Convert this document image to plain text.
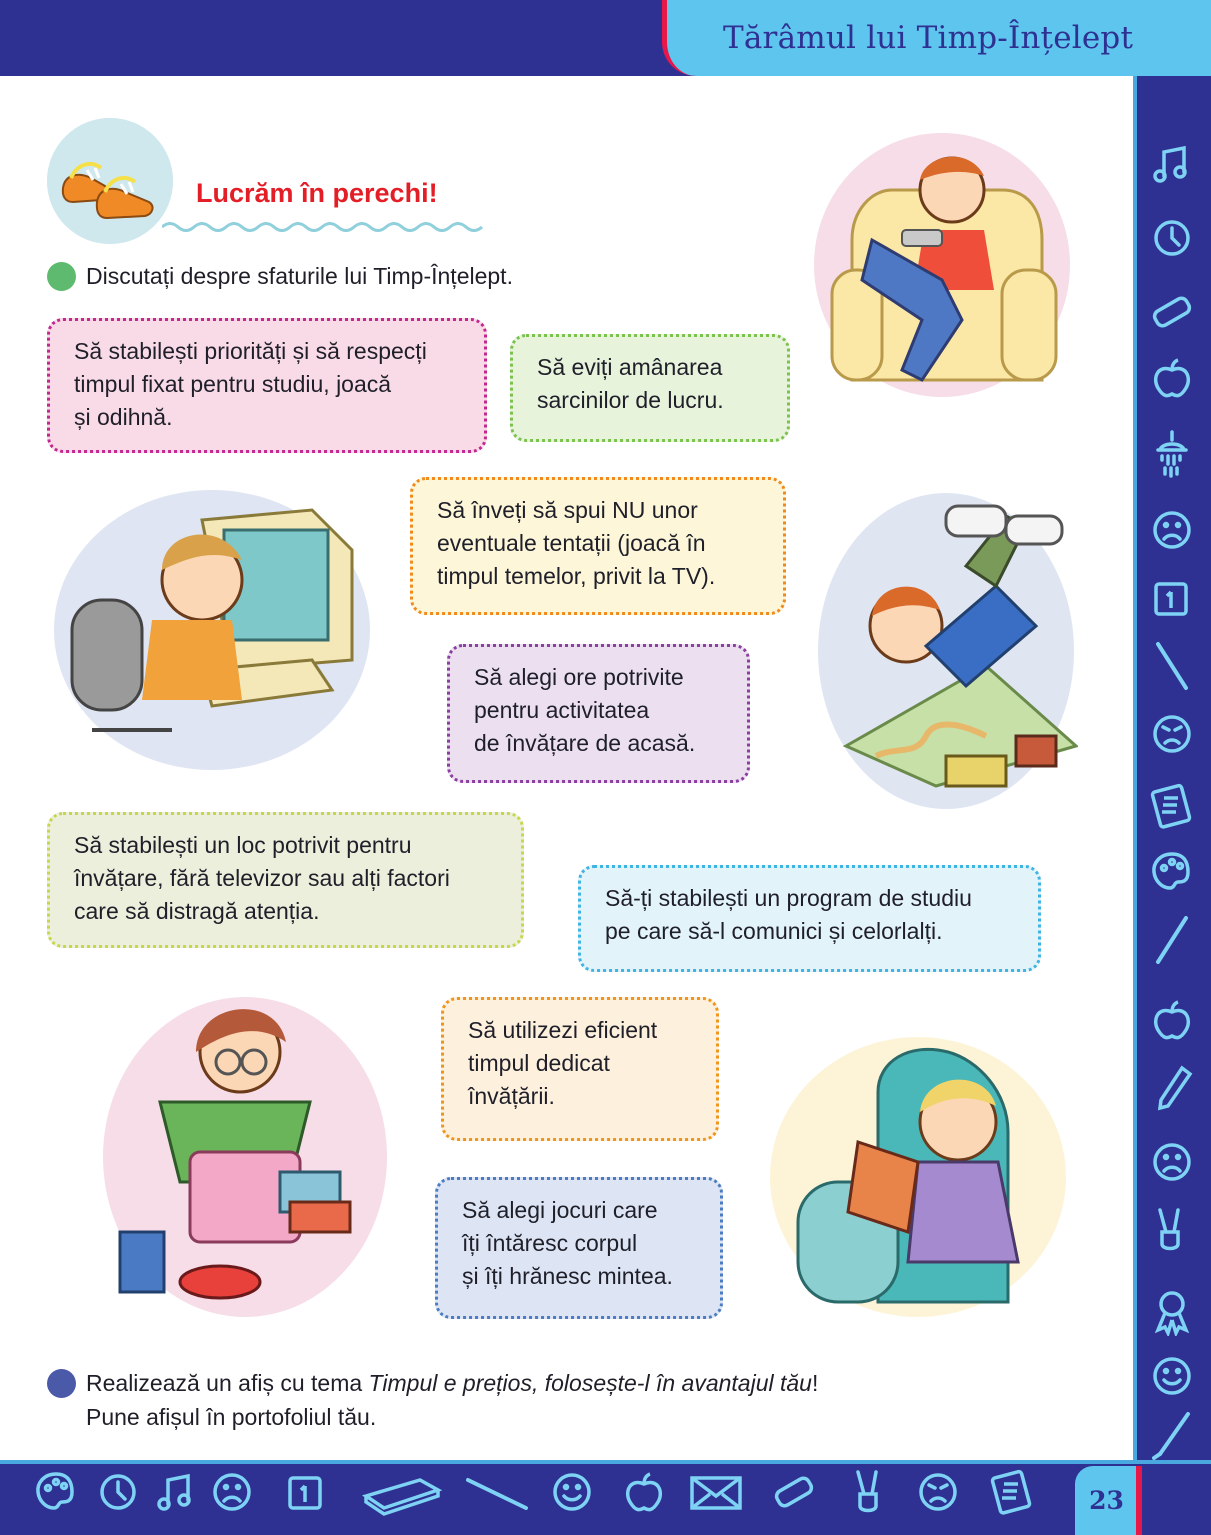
Tărâmul lui Timp-Înțelept
23
Lucrăm în perechi!
Discutați despre sfaturile lui Timp-Înțelept.
Să stabilești priorități și să respecți
timpul fixat pentru studiu, joacă
și odihnă.
Să eviți amânarea
sarcinilor de lucru.
Să înveți să spui NU unor
eventuale tentații (joacă în
timpul temelor, privit la TV).
Să alegi ore potrivite
pentru activitatea
de învățare de acasă.
Să stabilești un loc potrivit pentru
învățare, fără televizor sau alți factori
care să distragă atenția.	Să-ți stabilești un program de studiu
pe care să-l comunici și celorlalți.
Să utilizezi eficient
timpul dedicat
învățării.
Să alegi jocuri care
îți întăresc corpul
și îți hrănesc mintea.
Realizează un afiș cu tema Timpul e prețios, folosește-l în avantajul tău!
Pune afișul în portofoliul tău.
